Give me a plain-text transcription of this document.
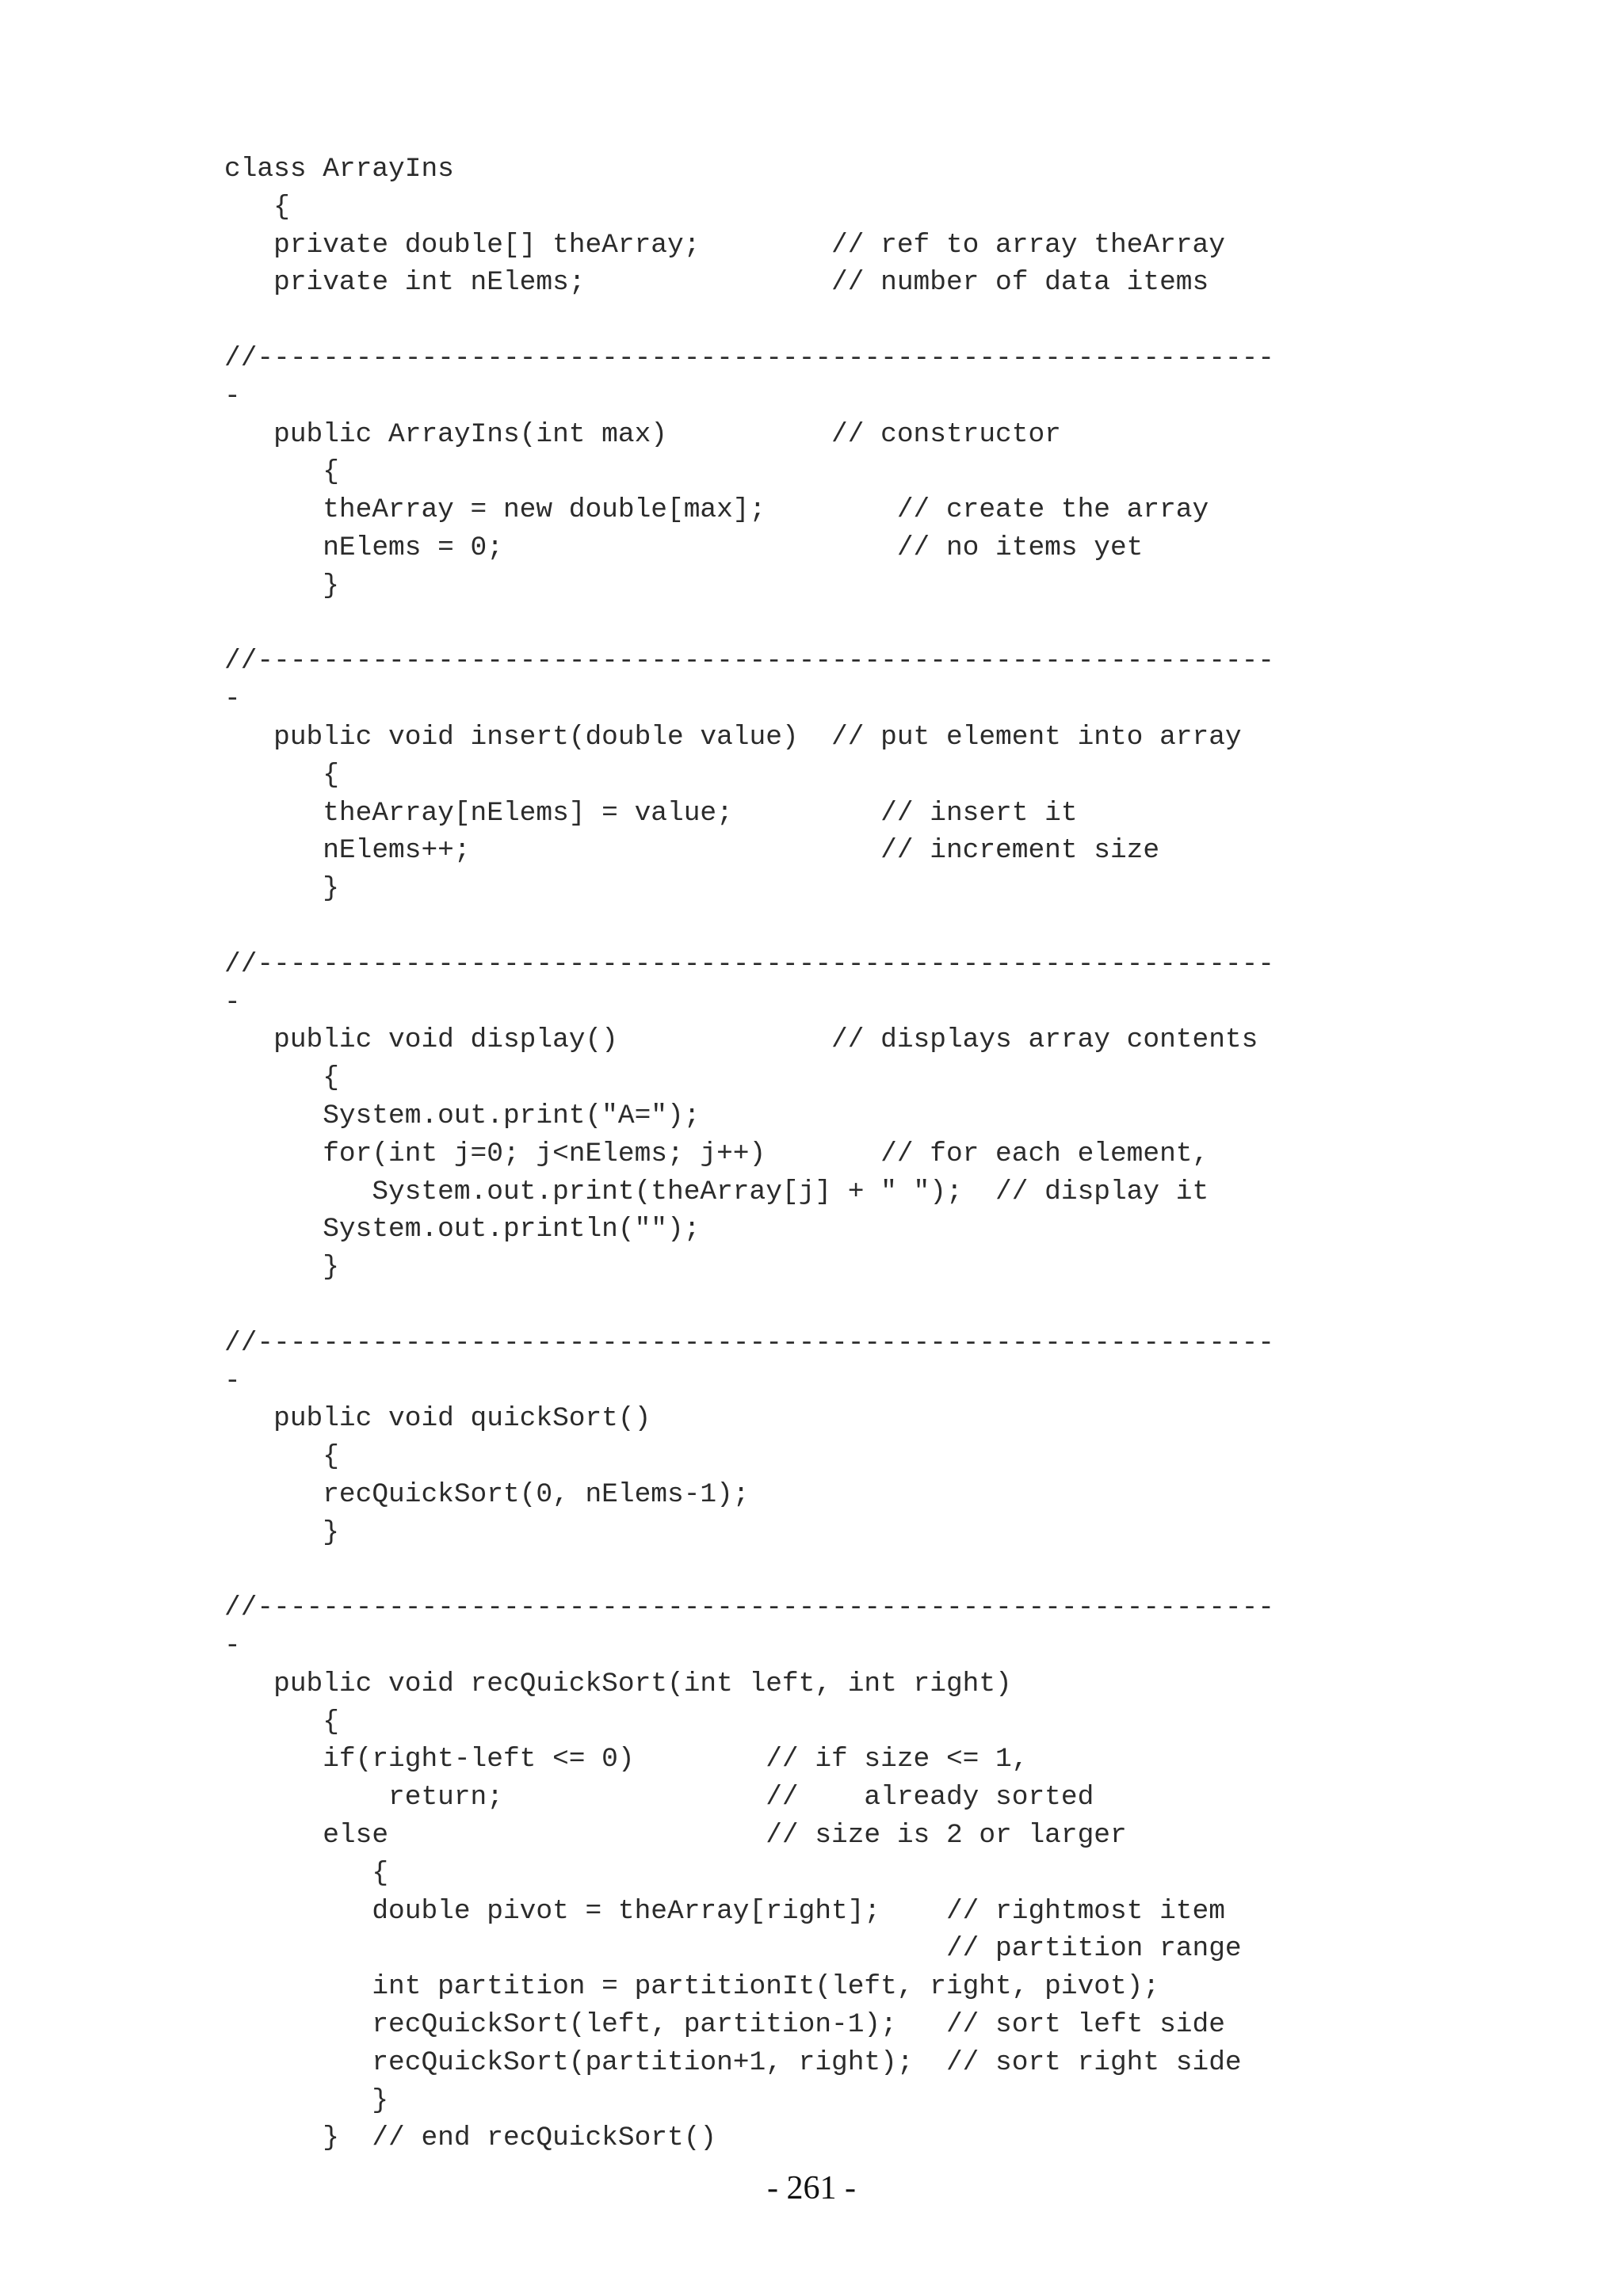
class ArrayIns
{
private double[] theArray;        // ref to array theArray
private int nElems;               // number of data items

//--------------------------------------------------------------
-
public ArrayIns(int max)          // constructor
{
theArray = new double[max];        // create the array
nElems = 0;                        // no items yet
}

//--------------------------------------------------------------
-
public void insert(double value)  // put element into array
{
theArray[nElems] = value;         // insert it
nElems++;                         // increment size
}

//--------------------------------------------------------------
-
public void display()             // displays array contents
{
System.out.print("A=");
for(int j=0; j<nElems; j++)       // for each element,
System.out.print(theArray[j] + " ");  // display it
System.out.println("");
}

//--------------------------------------------------------------
-
public void quickSort()
{
recQuickSort(0, nElems-1);
}

//--------------------------------------------------------------
-
public void recQuickSort(int left, int right)
{
if(right-left <= 0)        // if size <= 1,
return;                //    already sorted
else                       // size is 2 or larger
{
double pivot = theArray[right];    // rightmost item
// partition range
int partition = partitionIt(left, right, pivot);
recQuickSort(left, partition-1);   // sort left side
recQuickSort(partition+1, right);  // sort right side
}
}  // end recQuickSort()
- 261 -
